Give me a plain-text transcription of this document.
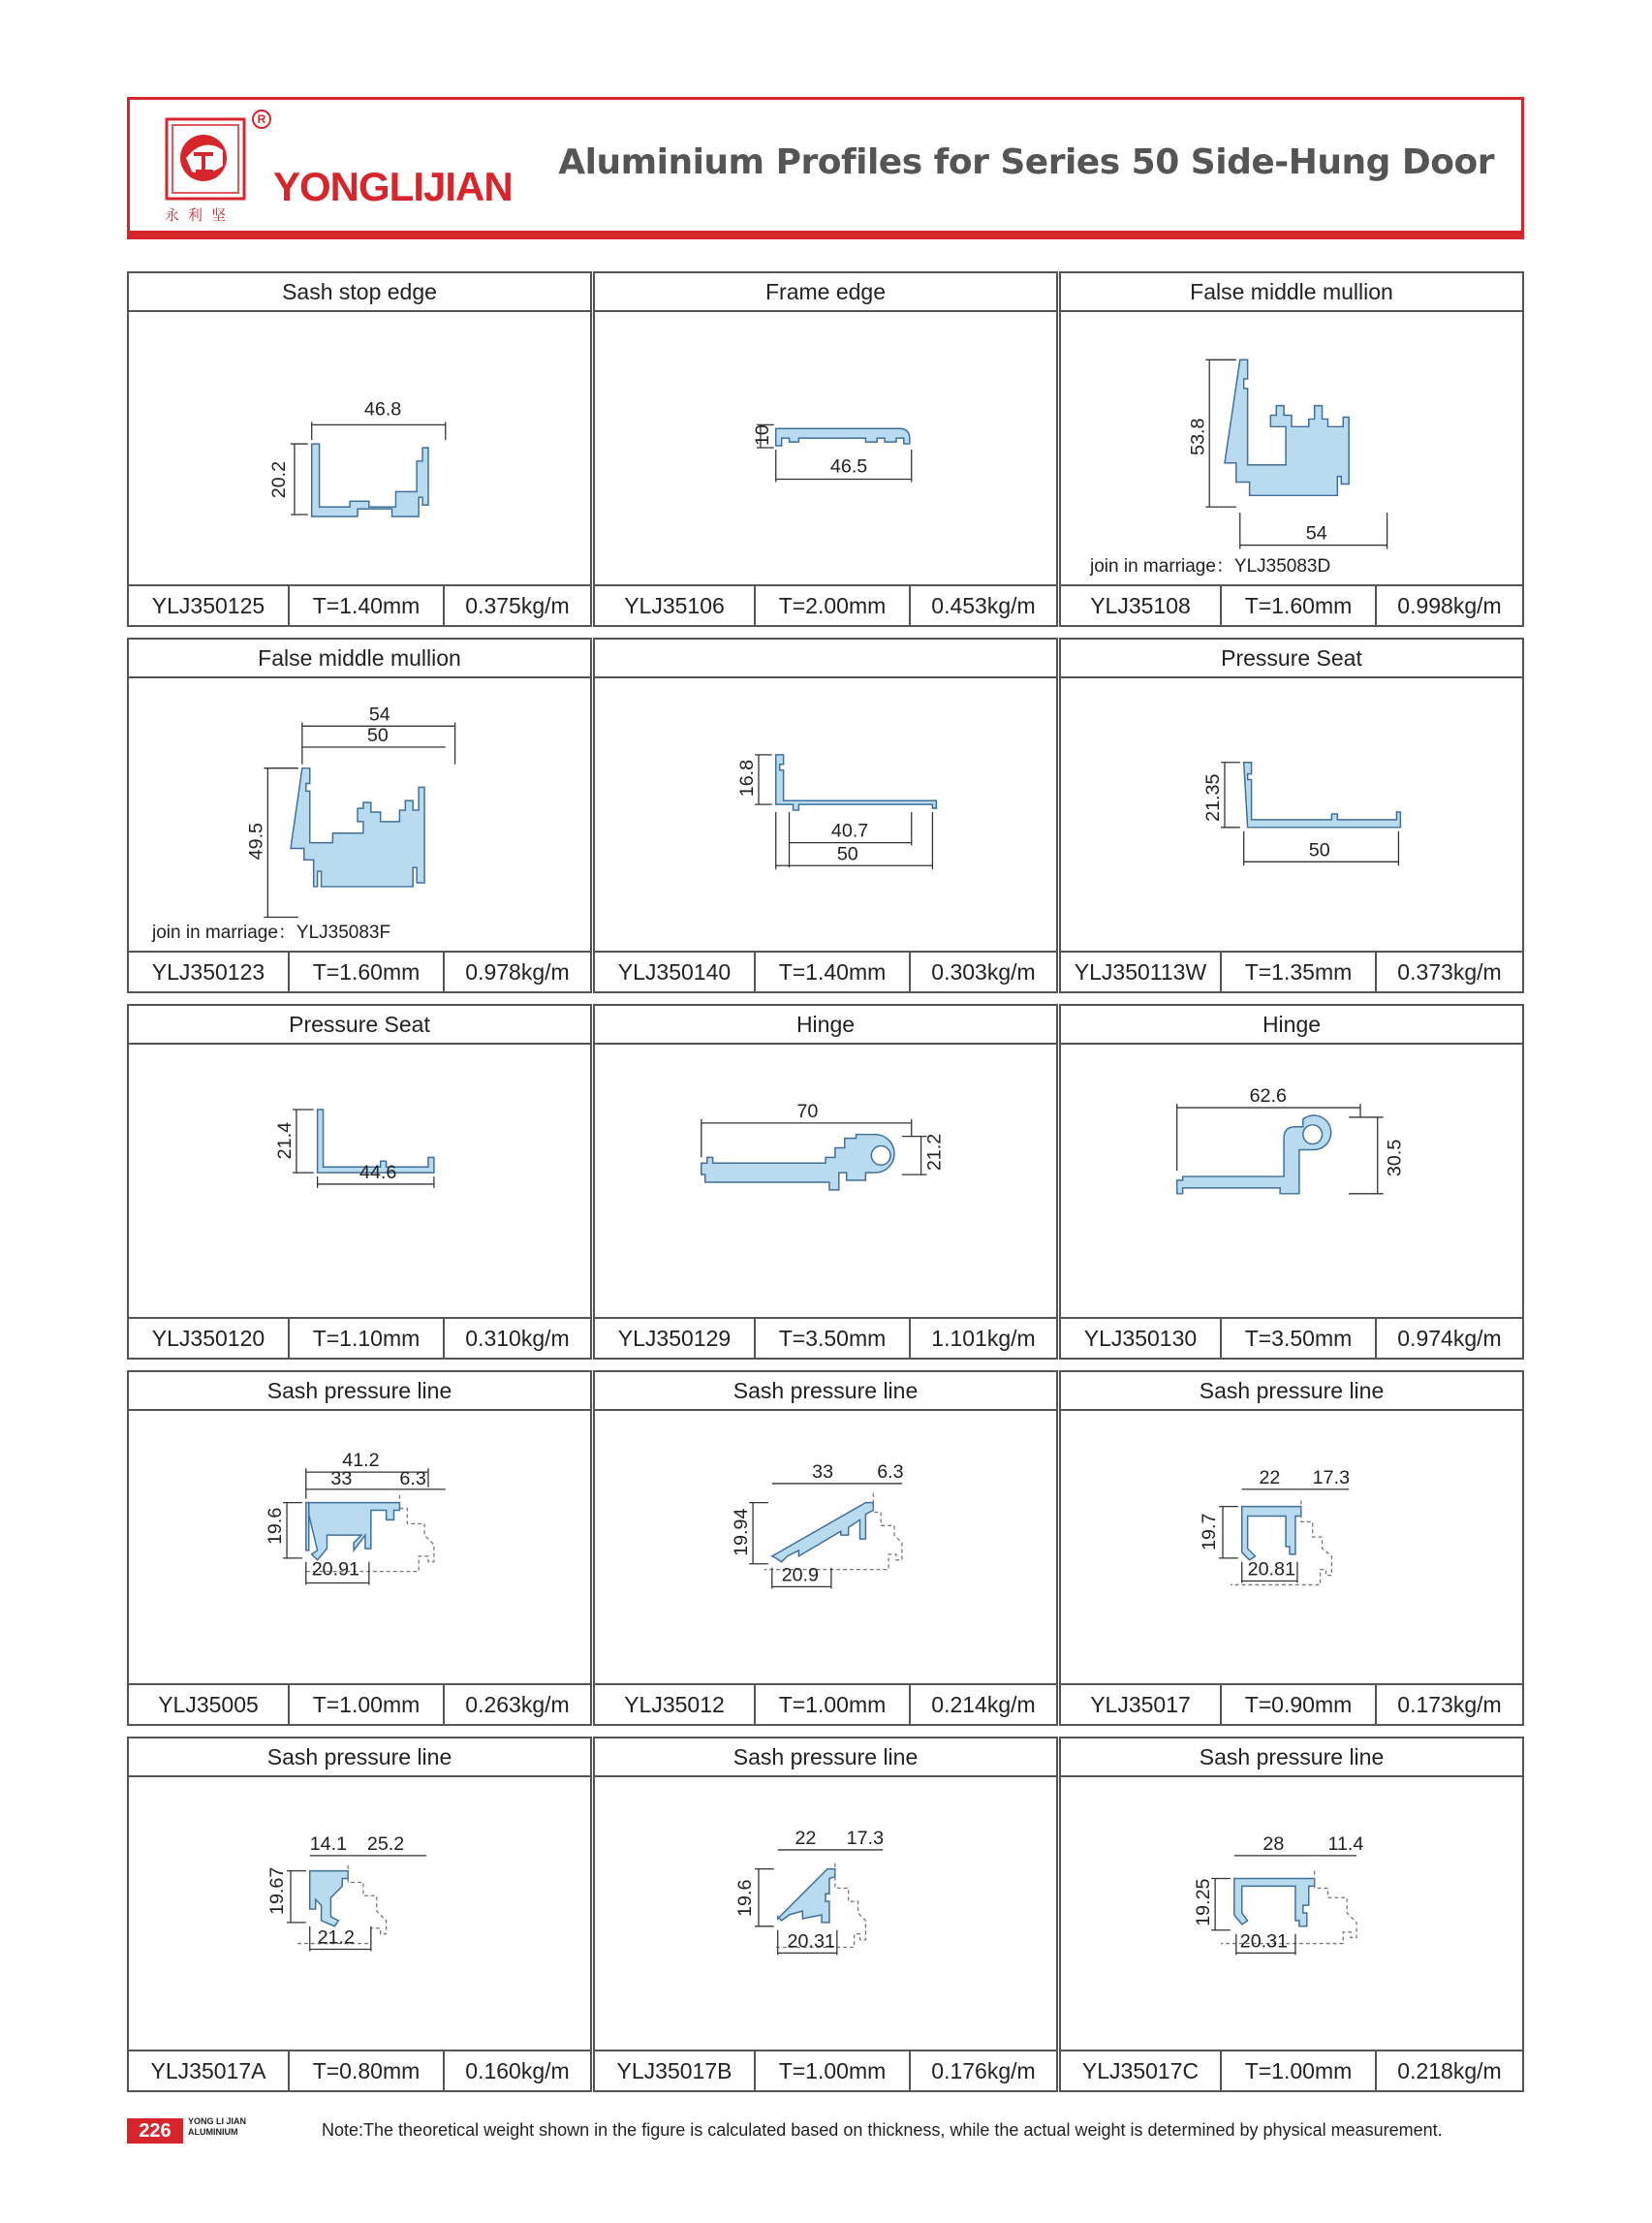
R
YONGLIJIAN
永利坚
Aluminium Profiles for Series 50 Side-Hung Door
Sash stop edge
46.8
20.2
YLJ350125	T=1.40mm	0.375kg/m
Frame edge
10
46.5
YLJ35106	T=2.00mm	0.453kg/m
False middle mullion
53.8
54
join in marriage：YLJ35083D
YLJ35108	T=1.60mm	0.998kg/m
False middle mullion
54
50
49.5
join in marriage：YLJ35083F
YLJ350123	T=1.60mm	0.978kg/m
16.8
40.7
50
YLJ350140	T=1.40mm	0.303kg/m
Pressure Seat
21.35
50
YLJ350113W	T=1.35mm	0.373kg/m
Pressure Seat
21.4
44.6
YLJ350120	T=1.10mm	0.310kg/m
Hinge
70
21.2
YLJ350129	T=3.50mm	1.101kg/m
Hinge
62.6
30.5
YLJ350130	T=3.50mm	0.974kg/m
Sash pressure line
41.2
33 6.3
19.6
20.91
YLJ35005	T=1.00mm	0.263kg/m
Sash pressure line
33 6.3
19.94
20.9
YLJ35012	T=1.00mm	0.214kg/m
Sash pressure line
22 17.3
19.7
20.81
YLJ35017	T=0.90mm	0.173kg/m
Sash pressure line
14.1 25.2
19.67
21.2
YLJ35017A	T=0.80mm	0.160kg/m
Sash pressure line
22 17.3
19.6
20.31
YLJ35017B	T=1.00mm	0.176kg/m
Sash pressure line
28 11.4
19.25
20.31
YLJ35017C	T=1.00mm	0.218kg/m
226	YONG LI JIAN
ALUMINIUM	Note:The theoretical weight shown in the figure is calculated based on thickness, while the actual weight is determined by physical measurement.
